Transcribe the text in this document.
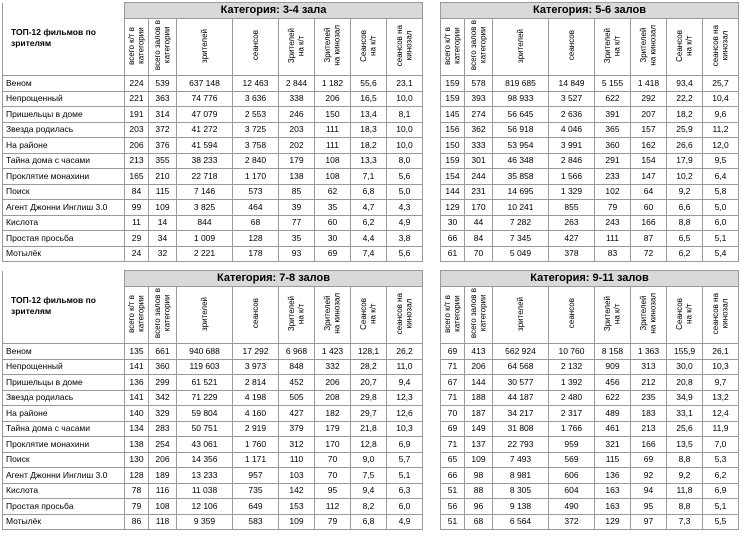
	Категория: 3-4 зала							
ТОП-12 фильмов по зрителям	всего к/т в
категории	всего залов в
категории	зрителей	сеансов	Зрителей
на к/т	Зрителей
на кинозал	Сеансов
на к/т	сеансов на
кинозал
Веном	224	539	637 148	12 463	2 844	1 182	55,6	23,1
Непрощенный	221	363	74 776	3 636	338	206	16,5	10,0
Пришельцы в доме	191	314	47 079	2 553	246	150	13,4	8,1
Звезда родилась	203	372	41 272	3 725	203	111	18,3	10,0
На районе	206	376	41 594	3 758	202	111	18,2	10,0
Тайна дома с часами	213	355	38 233	2 840	179	108	13,3	8,0
Проклятие монахини	165	210	22 718	1 170	138	108	7,1	5,6
Поиск	84	115	7 146	573	85	62	6,8	5,0
Агент Джонни Инглиш 3.0	99	109	3 825	464	39	35	4,7	4,3
Кислота	11	14	844	68	77	60	6,2	4,9
Простая просьба	29	34	1 009	128	35	30	4,4	3,8
Мотылёк	24	32	2 221	178	93	69	7,4	5,6
Категория: 5-6 залов							
всего к/т в
категории	всего залов в
категории	зрителей	сеансов	Зрителей
на к/т	Зрителей
на кинозал	Сеансов
на к/т	сеансов на
кинозал
159	578	819 685	14 849	5 155	1 418	93,4	25,7
159	393	98 933	3 527	622	292	22,2	10,4
145	274	56 645	2 636	391	207	18,2	9,6
156	362	56 918	4 046	365	157	25,9	11,2
150	333	53 954	3 991	360	162	26,6	12,0
159	301	46 348	2 846	291	154	17,9	9,5
154	244	35 858	1 566	233	147	10,2	6,4
144	231	14 695	1 329	102	64	9,2	5,8
129	170	10 241	855	79	60	6,6	5,0
30	44	7 282	263	243	166	8,8	6,0
66	84	7 345	427	111	87	6,5	5,1
61	70	5 049	378	83	72	6,2	5,4
	Категория: 7-8 залов							
ТОП-12 фильмов по зрителям	всего к/т в
категории	всего залов в
категории	зрителей	сеансов	Зрителей
на к/т	Зрителей
на кинозал	Сеансов
на к/т	сеансов на
кинозал
Веном	135	661	940 688	17 292	6 968	1 423	128,1	26,2
Непрощенный	141	360	119 603	3 973	848	332	28,2	11,0
Пришельцы в доме	136	299	61 521	2 814	452	206	20,7	9,4
Звезда родилась	141	342	71 229	4 198	505	208	29,8	12,3
На районе	140	329	59 804	4 160	427	182	29,7	12,6
Тайна дома с часами	134	283	50 751	2 919	379	179	21,8	10,3
Проклятие монахини	138	254	43 061	1 760	312	170	12,8	6,9
Поиск	130	206	14 356	1 171	110	70	9,0	5,7
Агент Джонни Инглиш 3.0	128	189	13 233	957	103	70	7,5	5,1
Кислота	78	116	11 038	735	142	95	9,4	6,3
Простая просьба	79	108	12 106	649	153	112	8,2	6,0
Мотылёк	86	118	9 359	583	109	79	6,8	4,9
Категория: 9-11 залов							
всего к/т в
категории	всего залов в
категории	зрителей	сеансов	Зрителей
на к/т	Зрителей
на кинозал	Сеансов
на к/т	сеансов на
кинозал
69	413	562 924	10 760	8 158	1 363	155,9	26,1
71	206	64 568	2 132	909	313	30,0	10,3
67	144	30 577	1 392	456	212	20,8	9,7
71	188	44 187	2 480	622	235	34,9	13,2
70	187	34 217	2 317	489	183	33,1	12,4
69	149	31 808	1 766	461	213	25,6	11,9
71	137	22 793	959	321	166	13,5	7,0
65	109	7 493	569	115	69	8,8	5,3
66	98	8 981	606	136	92	9,2	6,2
51	88	8 305	604	163	94	11,8	6,9
56	96	9 138	490	163	95	8,8	5,1
51	68	6 564	372	129	97	7,3	5,5
